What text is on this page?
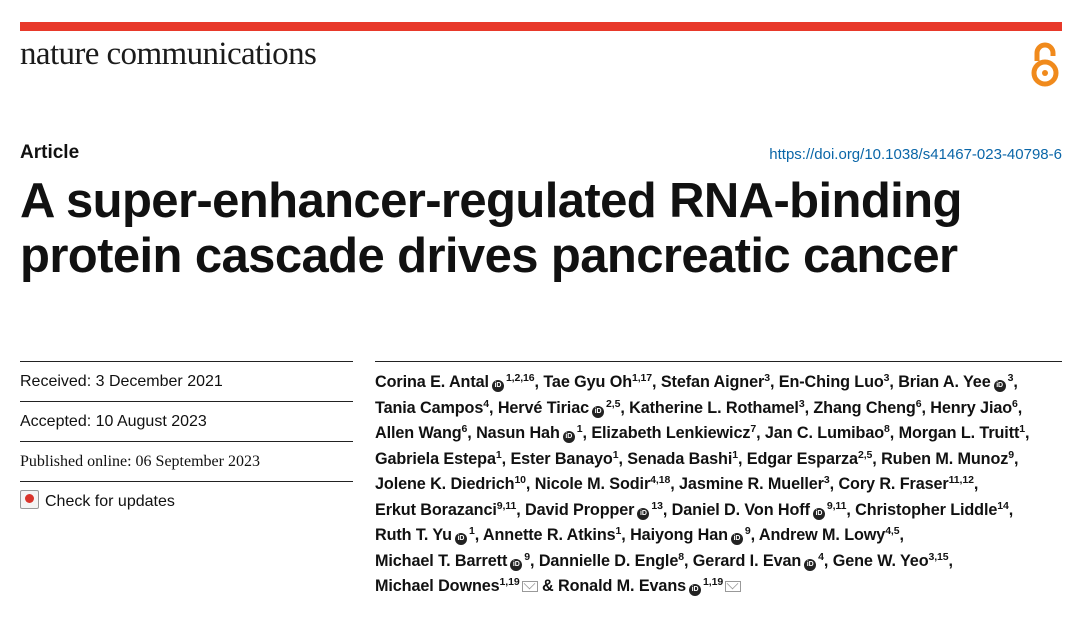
nature communications
Article	https://doi.org/10.1038/s41467-023-40798-6
A super-enhancer-regulated RNA-binding
protein cascade drives pancreatic cancer
Received: 3 December 2021
Accepted: 10 August 2023
Published online: 06 September 2023
Check for updates
Corina E. Antal iD$^{1,2,16}$, Tae Gyu Oh$^{1,17}$, Stefan Aigner$^3$, En-Ching Luo$^3$, Brian A. Yee $iD^3$, Tania Campos$^4$, Hervé Tiriac iD$^{2,5}$, Katherine L. Rothamel$^3$, Zhang Cheng$^6$, Henry Jiao$^6$, Allen Wang$^6$, Nasun Hah $iD^1$, Elizabeth Lenkiewicz$^7$, Jan C. Lumibao$^8$, Morgan L. Truitt$^1$, Gabriela Estepa$^1$, Ester Banayo$^1$, Senada Bashi$^1$, Edgar Esparza$^{2,5}$, Ruben M. Munoz$^9$, Jolene K. Diedrich$^{10}$, Nicole M. Sodir$^{4,18}$, Jasmine R. Mueller$^3$, Cory R. Fraser$^{11,12}$, Erkut Borazanci$^{9,11}$, David Propper $iD^{13}$, Daniel D. Von Hoff iD$^{9,11}$, Christopher Liddle$^{14}$, Ruth T. Yu $iD^1$, Annette R. Atkins$^1$, Haiyong Han $iD^9$, Andrew M. Lowy$^{4,5}$, Michael T. Barrett $iD^9$, Dannielle D. Engle$^8$, Gerard I. Evan $iD^4$, Gene W. Yeo$^{3,15}$, Michael Downes$^{1,19}$ & Ronald M. Evans iD$^{1,19}$
